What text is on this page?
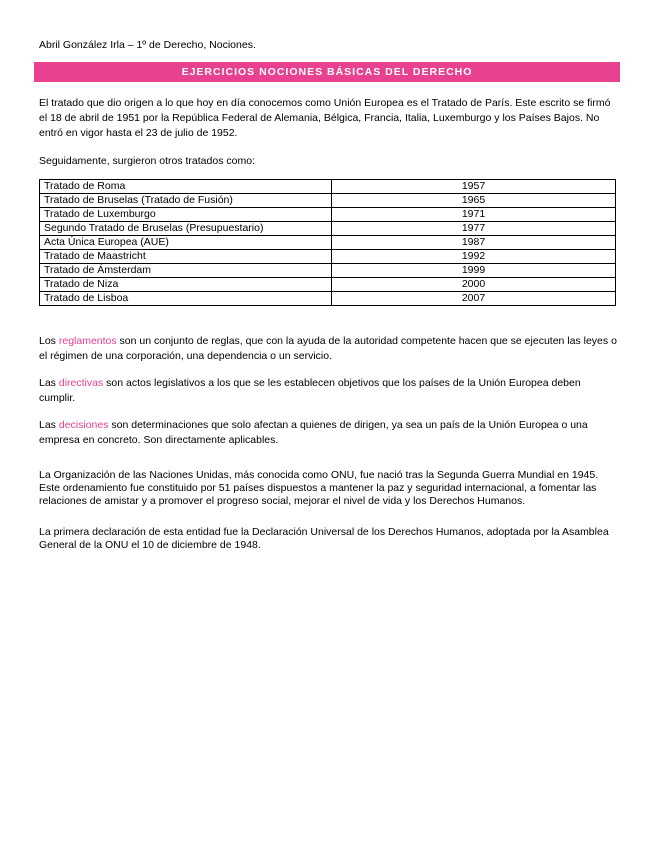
Abril González Irla – 1º de Derecho, Nociones.
EJERCICIOS NOCIONES BÁSICAS DEL DERECHO

El tratado que dio origen a lo que hoy en día conocemos como Unión Europea es el Tratado de París. Este escrito se firmó el 18 de abril de 1951 por la República Federal de Alemania, Bélgica, Francia, Italia, Luxemburgo y los Países Bajos. No entró en vigor hasta el 23 de julio de 1952.

Seguidamente, surgieron otros tratados como:

Tratado de Roma	1957
Tratado de Bruselas (Tratado de Fusión)	1965
Tratado de Luxemburgo	1971
Segundo Tratado de Bruselas (Presupuestario)	1977
Acta Única Europea (AUE)	1987
Tratado de Maastricht	1992
Tratado de Ámsterdam	1999
Tratado de Niza	2000
Tratado de Lisboa	2007

Los reglamentos son un conjunto de reglas, que con la ayuda de la autoridad competente hacen que se ejecuten las leyes o el régimen de una corporación, una dependencia o un servicio.

Las directivas son actos legislativos a los que se les establecen objetivos que los países de la Unión Europea deben cumplir.

Las decisiones son determinaciones que solo afectan a quienes de dirigen, ya sea un país de la Unión Europea o una empresa en concreto. Son directamente aplicables.

La Organización de las Naciones Unidas, más conocida como ONU, fue nació tras la Segunda Guerra Mundial en 1945. Este ordenamiento fue constituido por 51 países dispuestos a mantener la paz y seguridad internacional, a fomentar las relaciones de amistar y a promover el progreso social, mejorar el nivel de vida y los Derechos Humanos.

La primera declaración de esta entidad fue la Declaración Universal de los Derechos Humanos, adoptada por la Asamblea General de la ONU el 10 de diciembre de 1948.
